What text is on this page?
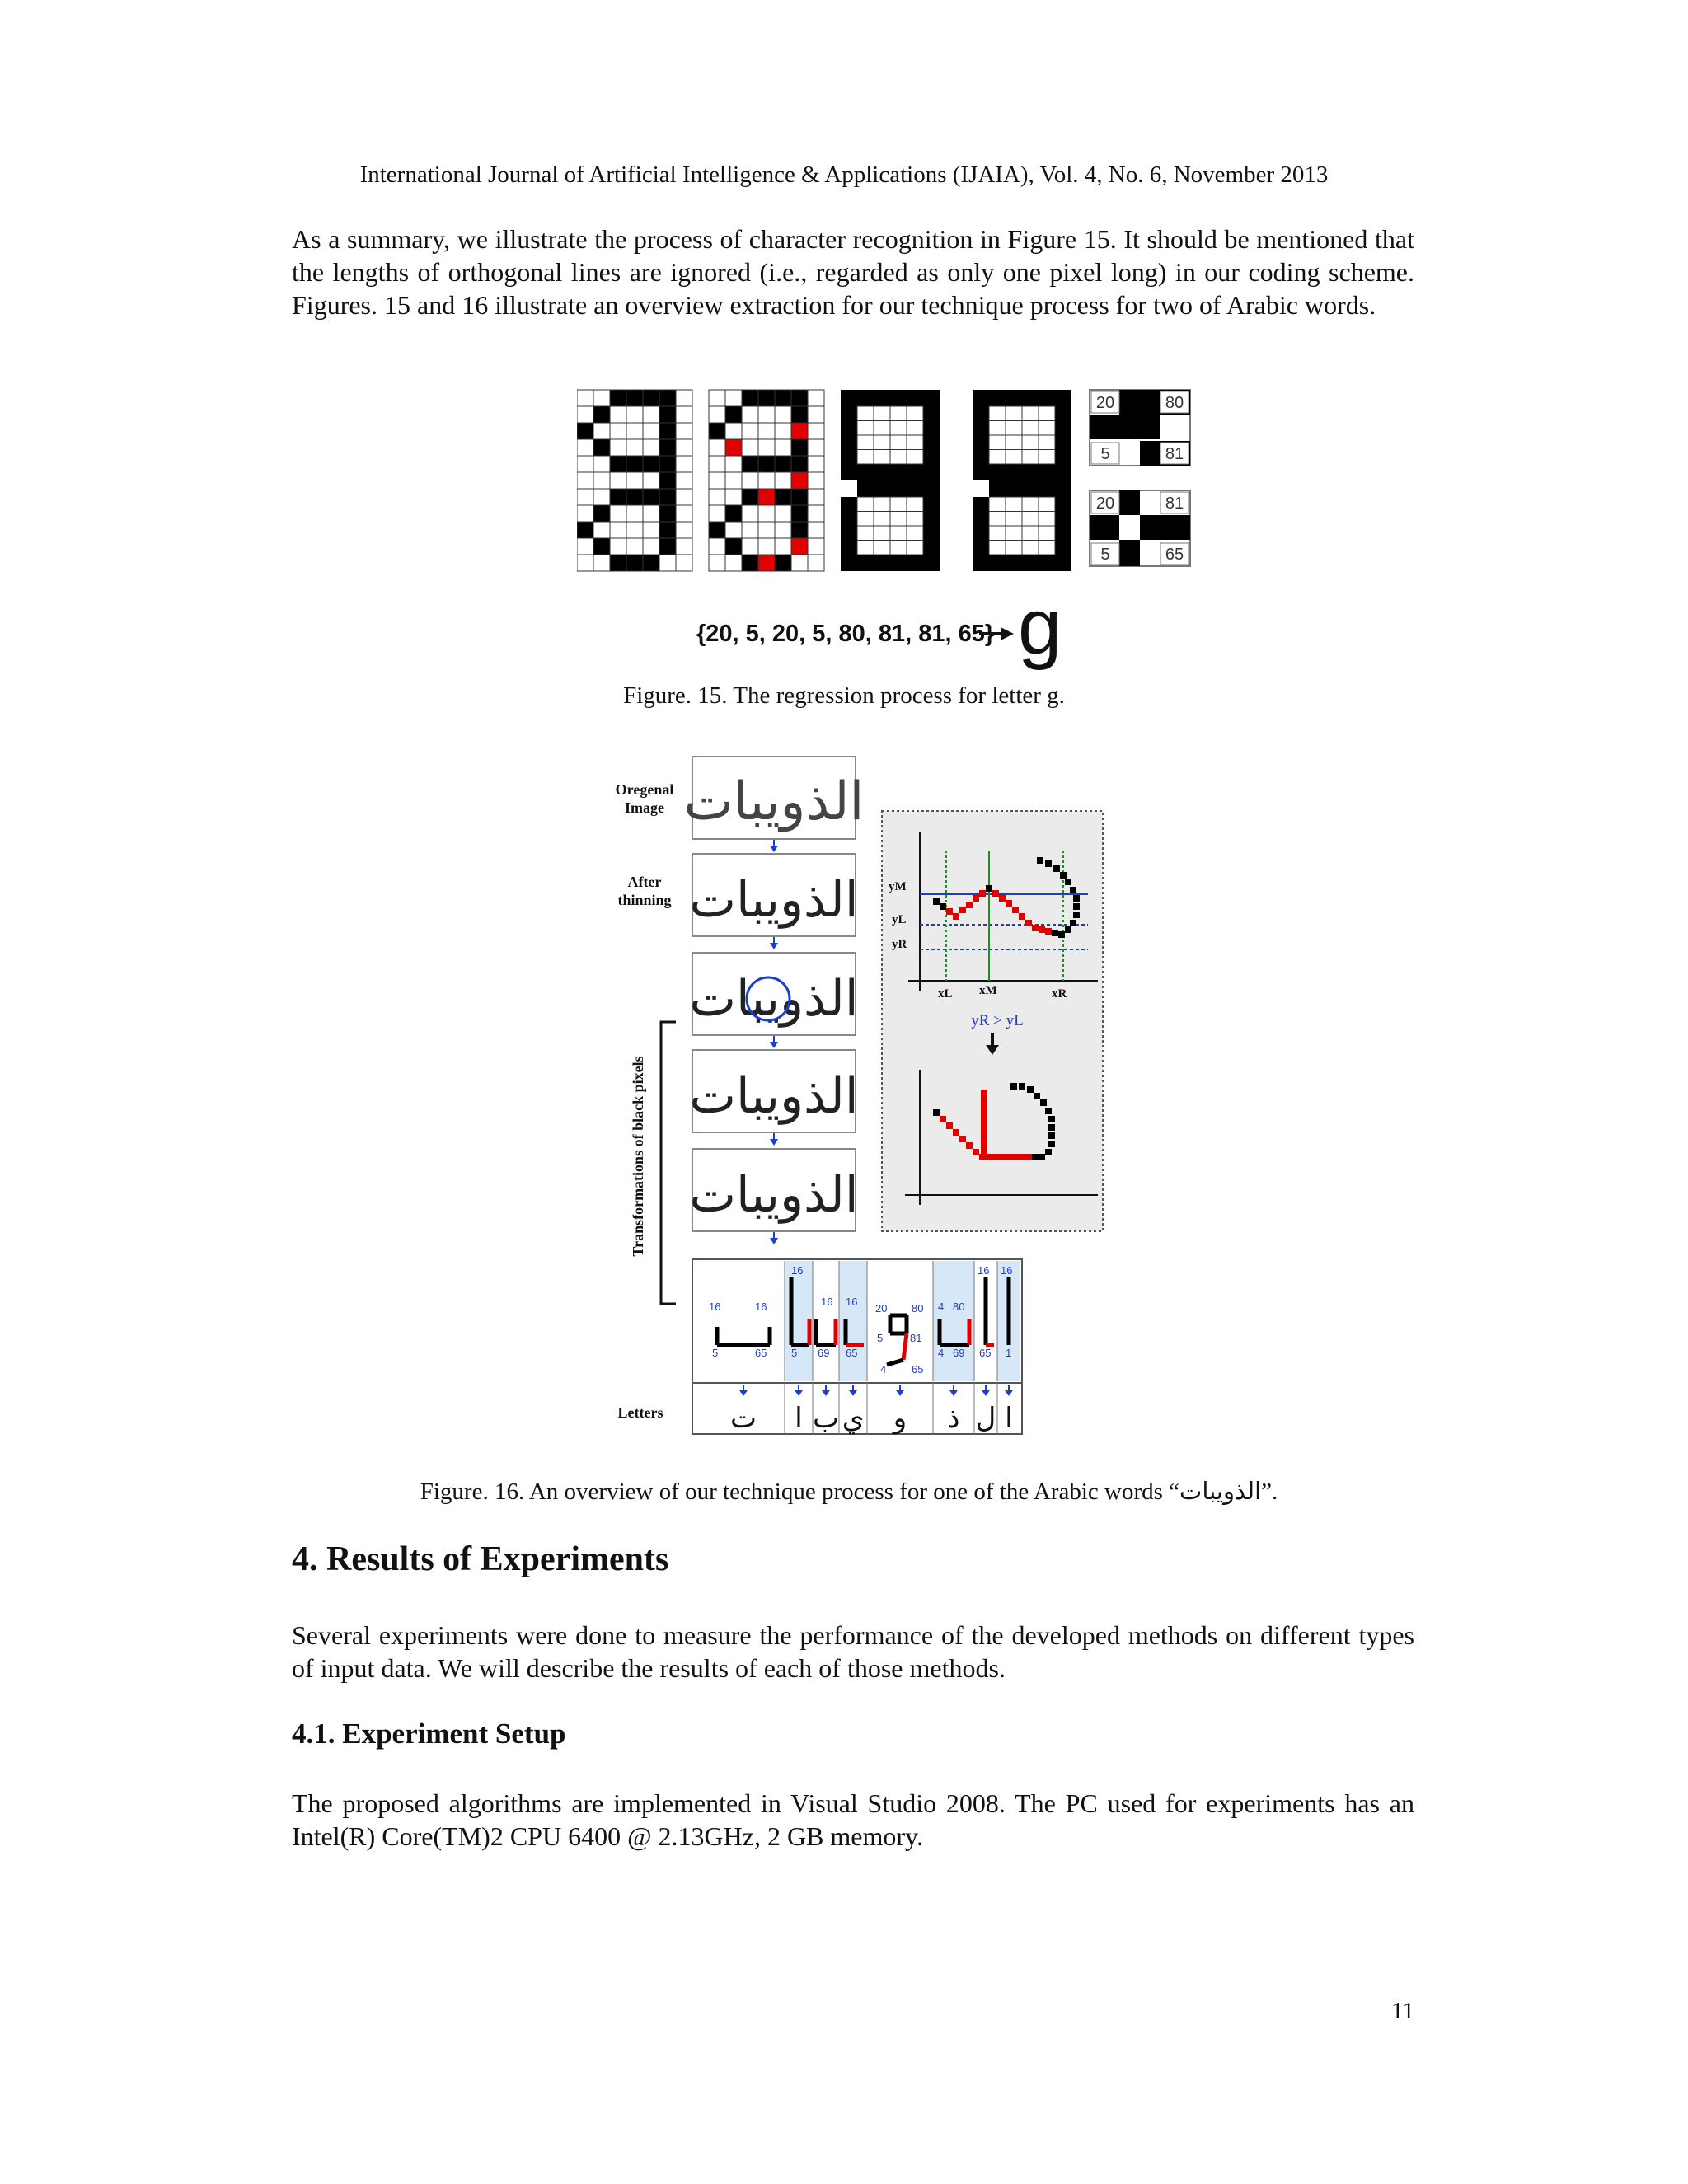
International Journal of Artificial Intelligence & Applications (IJAIA), Vol. 4, No. 6, November 2013

As a summary, we illustrate the process of character recognition in Figure 15. It should be mentioned that the lengths of orthogonal lines are ignored (i.e., regarded as only one pixel long) in our coding scheme. Figures. 15 and 16 illustrate an overview extraction for our technique process for two of Arabic words.

20	80
5	81
20	81
5	65
{20, 5, 20, 5, 80, 81, 81, 65} g
Figure. 15. The regression process for letter g.
Oregenal
Image
After
thinning
Letters
Transformations of black pixels
الذويبات
الذويبات
الذويبات
الذويبات
الذويبات
yM
yL
yR
xL xM	xR
yR > yL
16	16
5	65
16
5
16
69
16
65
20 80
5	81
4 65
4 80
4 69
16
65
16
1
ت ا ب ي و ذ ل ا
Figure. 16. An overview of our technique process for one of the Arabic words “الذويبات”.
4. Results of Experiments

Several experiments were done to measure the performance of the developed methods on different types of input data. We will describe the results of each of those methods.

4.1. Experiment Setup

The proposed algorithms are implemented in Visual Studio 2008. The PC used for experiments has an Intel(R) Core(TM)2 CPU 6400 @ 2.13GHz, 2 GB memory.

11
